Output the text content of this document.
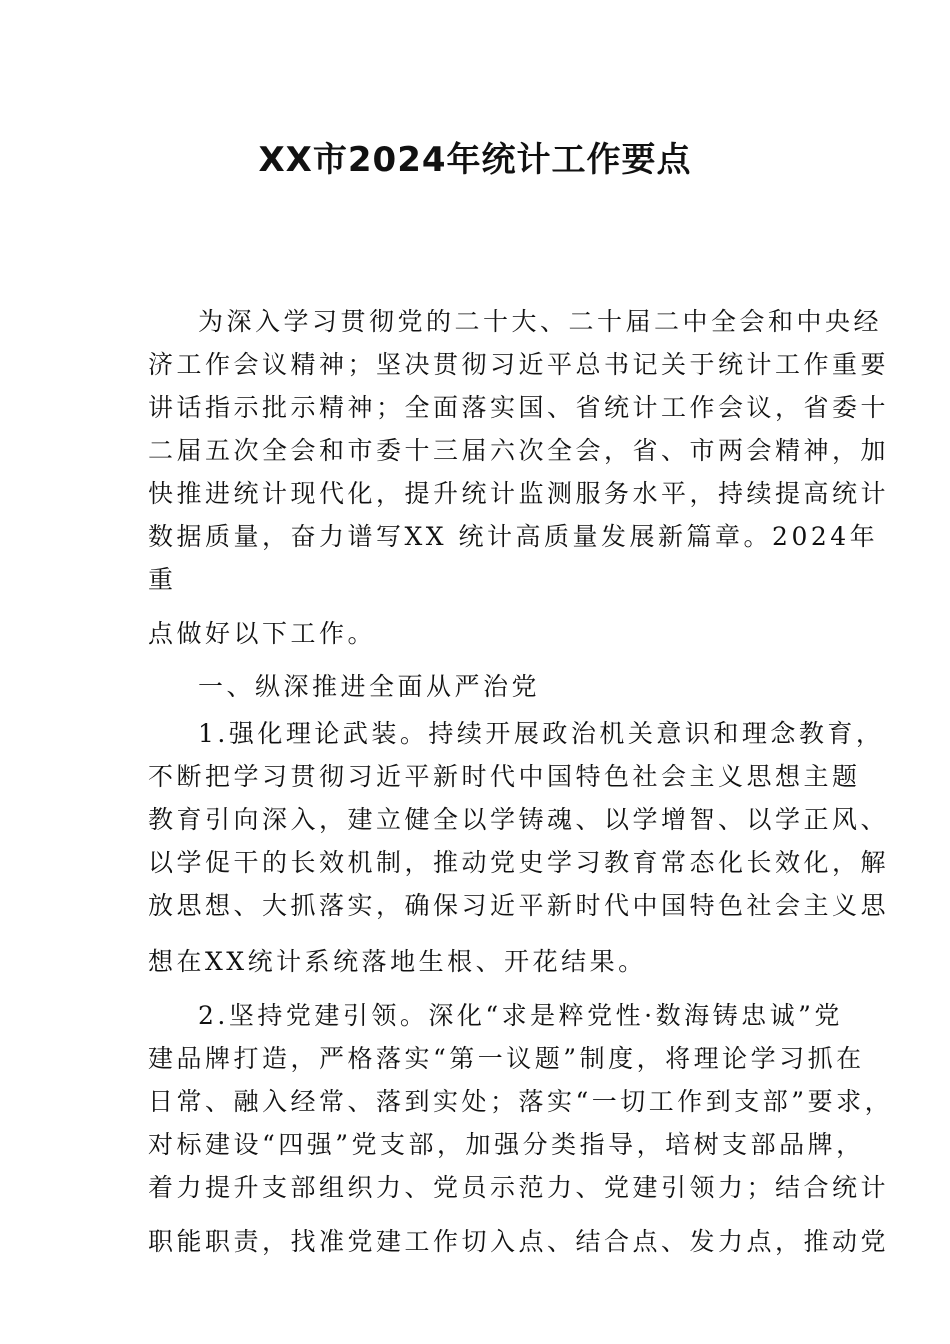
XX市2024年统计工作要点

为深入学习贯彻党的二十大、二十届二中全会和中央经

济工作会议精神；坚决贯彻习近平总书记关于统计工作重要

讲话指示批示精神；全面落实国、省统计工作会议，省委十

二届五次全会和市委十三届六次全会，省、市两会精神，加

快推进统计现代化，提升统计监测服务水平，持续提高统计

数据质量，奋力谱写XX 统计高质量发展新篇章。2024年

重

点做好以下工作。

一、纵深推进全面从严治党

1.强化理论武装。持续开展政治机关意识和理念教育，

不断把学习贯彻习近平新时代中国特色社会主义思想主题

教育引向深入，建立健全以学铸魂、以学增智、以学正风、

以学促干的长效机制，推动党史学习教育常态化长效化，解

放思想、大抓落实，确保习近平新时代中国特色社会主义思

想在XX统计系统落地生根、开花结果。

2.坚持党建引领。深化“求是粹党性·数海铸忠诚”党

建品牌打造，严格落实“第一议题”制度，将理论学习抓在

日常、融入经常、落到实处；落实“一切工作到支部”要求，

对标建设“四强”党支部，加强分类指导，培树支部品牌，

着力提升支部组织力、党员示范力、党建引领力；结合统计

职能职责，找准党建工作切入点、结合点、发力点，推动党
